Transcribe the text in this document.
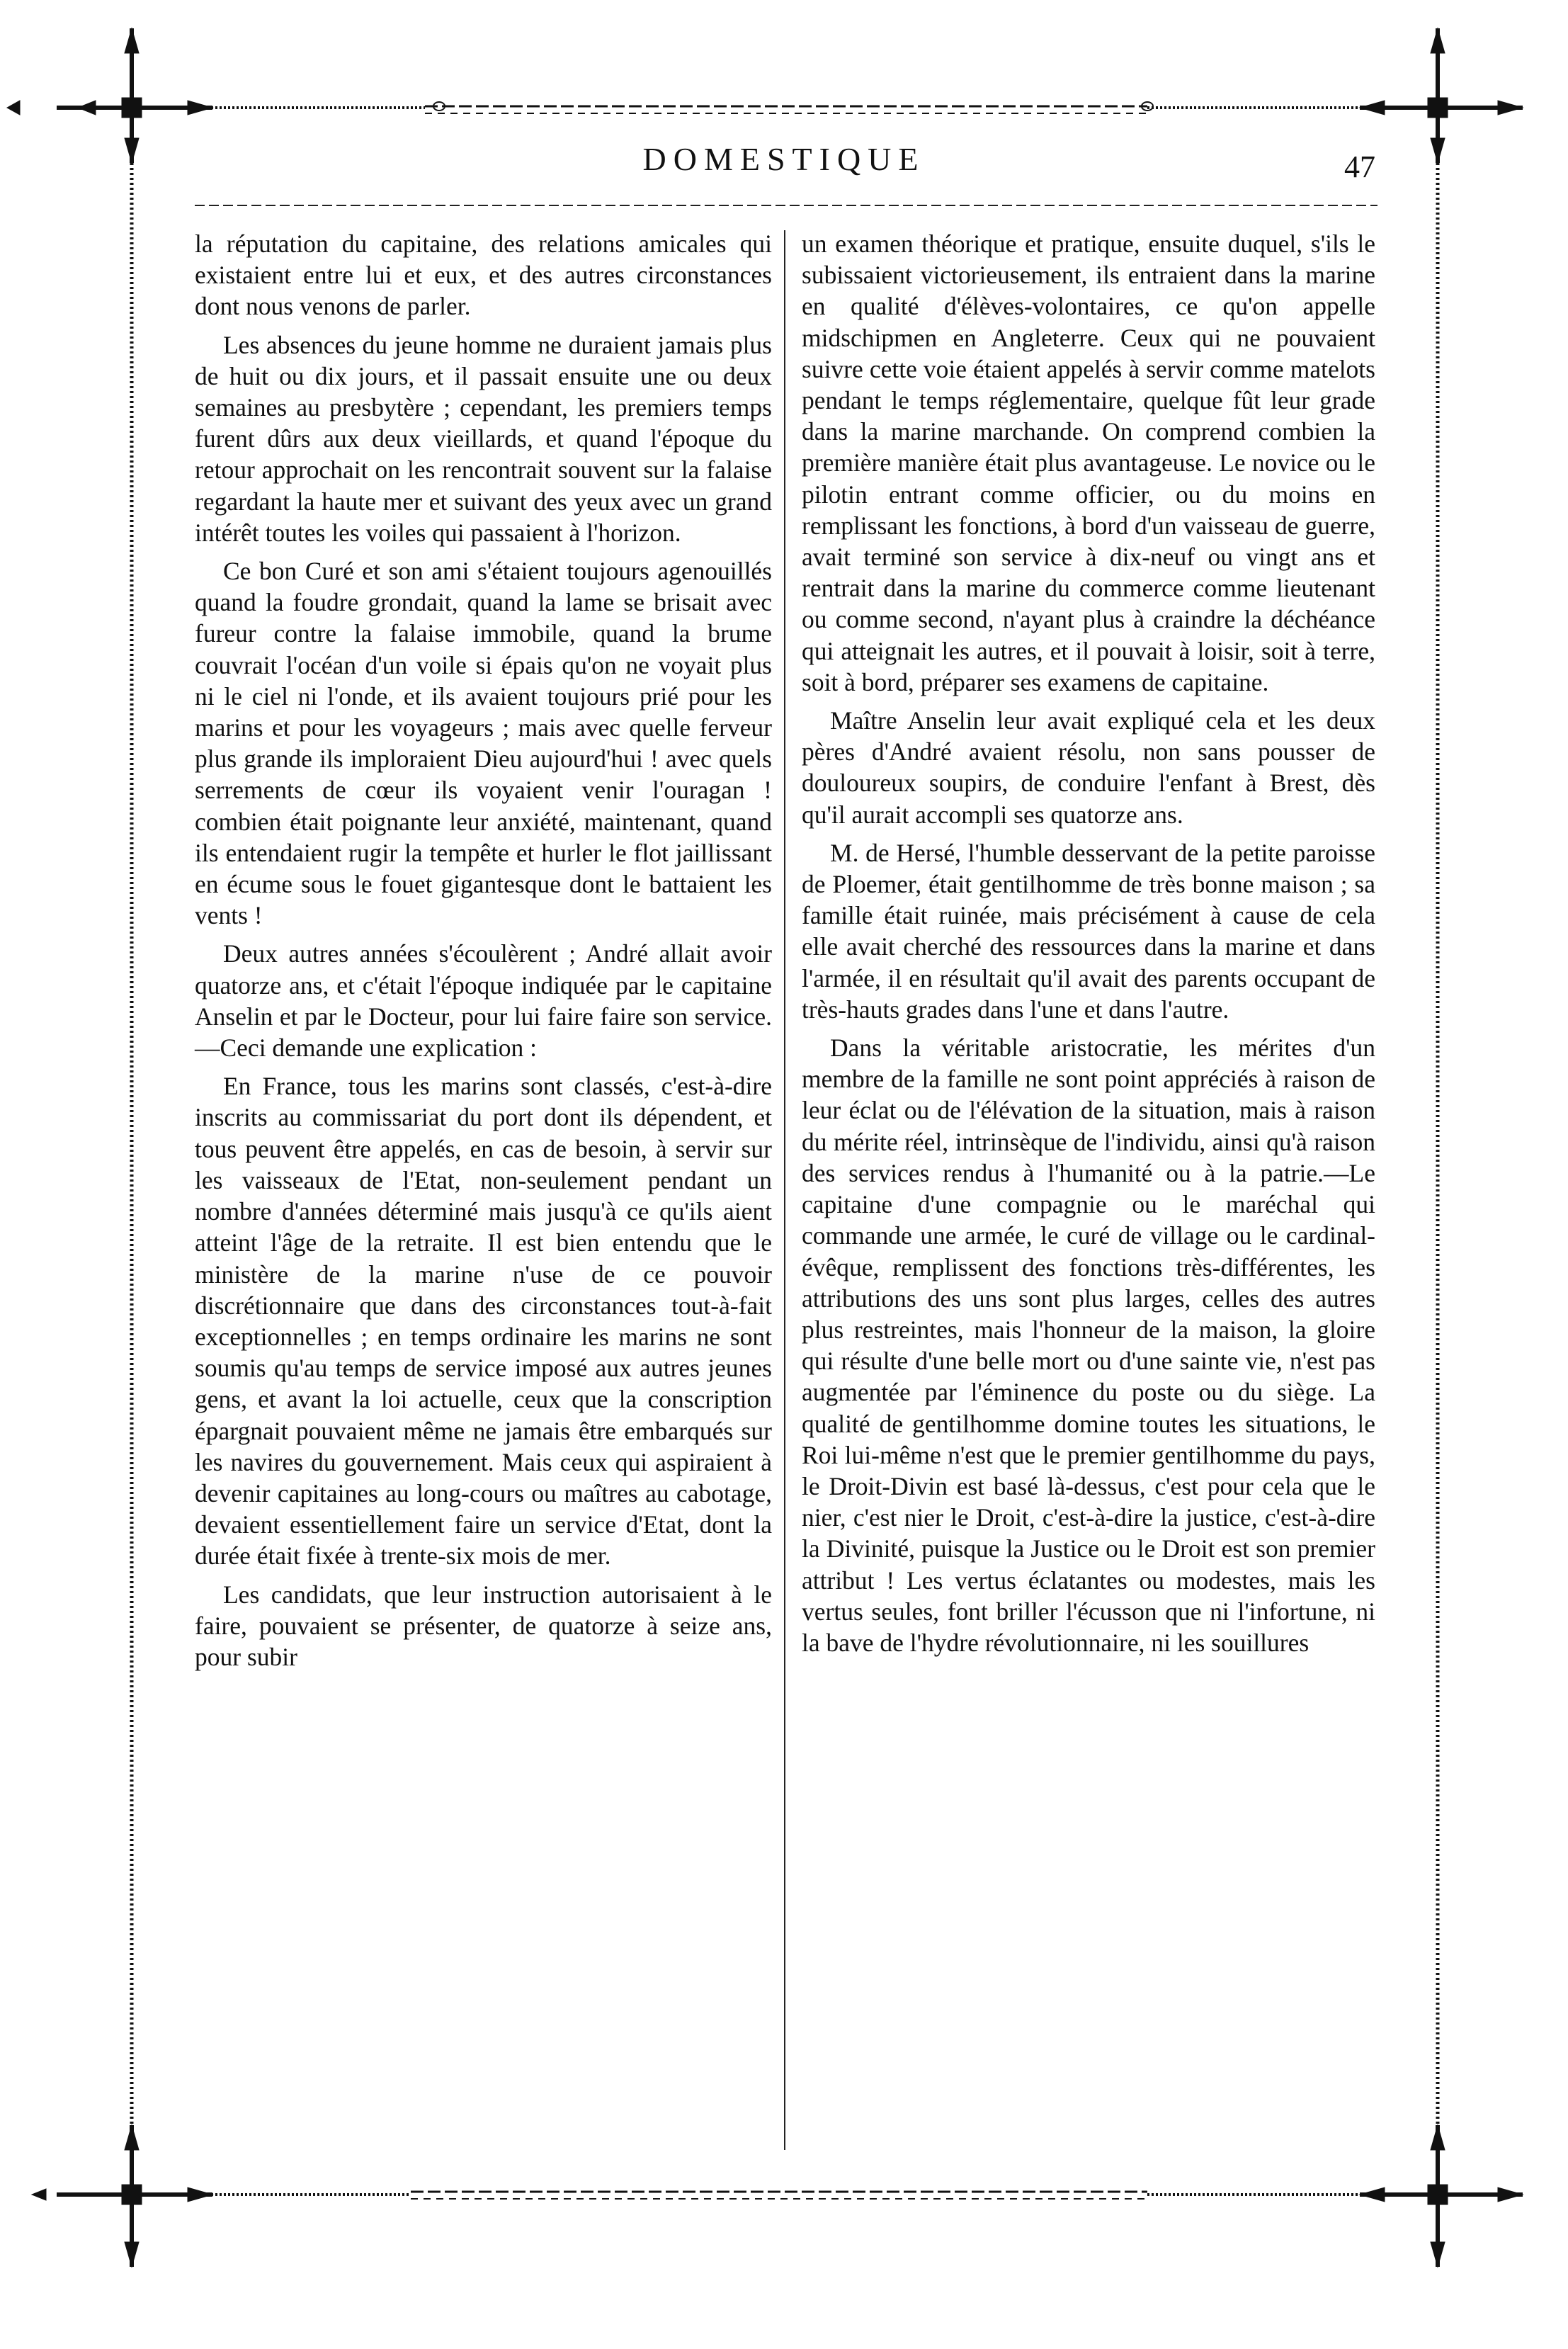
DOMESTIQUE	47

la réputation du capitaine, des relations amicales qui existaient entre lui et eux, et des autres circonstances dont nous venons de parler.

Les absences du jeune homme ne duraient jamais plus de huit ou dix jours, et il passait ensuite une ou deux semaines au presbytère ; cependant, les premiers temps furent dûrs aux deux vieillards, et quand l'époque du retour approchait on les rencontrait souvent sur la falaise regardant la haute mer et suivant des yeux avec un grand intérêt toutes les voiles qui passaient à l'horizon.

Ce bon Curé et son ami s'étaient toujours agenouillés quand la foudre grondait, quand la lame se brisait avec fureur contre la falaise immobile, quand la brume couvrait l'océan d'un voile si épais qu'on ne voyait plus ni le ciel ni l'onde, et ils avaient toujours prié pour les marins et pour les voyageurs ; mais avec quelle ferveur plus grande ils imploraient Dieu aujourd'hui ! avec quels serrements de cœur ils voyaient venir l'ouragan ! combien était poignante leur anxiété, maintenant, quand ils entendaient rugir la tempête et hurler le flot jaillissant en écume sous le fouet gigantesque dont le battaient les vents !

Deux autres années s'écoulèrent ; André allait avoir quatorze ans, et c'était l'époque indiquée par le capitaine Anselin et par le Docteur, pour lui faire faire son service. —Ceci demande une explication :

En France, tous les marins sont classés, c'est-à-dire inscrits au commissariat du port dont ils dépendent, et tous peuvent être appelés, en cas de besoin, à servir sur les vaisseaux de l'Etat, non-seulement pendant un nombre d'années déterminé mais jusqu'à ce qu'ils aient atteint l'âge de la retraite. Il est bien entendu que le ministère de la marine n'use de ce pouvoir discrétionnaire que dans des circonstances tout-à-fait exceptionnelles ; en temps ordinaire les marins ne sont soumis qu'au temps de service imposé aux autres jeunes gens, et avant la loi actuelle, ceux que la conscription épargnait pouvaient même ne jamais être embarqués sur les navires du gouvernement. Mais ceux qui aspiraient à devenir capitaines au long-cours ou maîtres au cabotage, devaient essentiellement faire un service d'Etat, dont la durée était fixée à trente-six mois de mer.

Les candidats, que leur instruction autorisaient à le faire, pouvaient se présenter, de quatorze à seize ans, pour subir

un examen théorique et pratique, ensuite duquel, s'ils le subissaient victorieusement, ils entraient dans la marine en qualité d'élèves-volontaires, ce qu'on appelle midschipmen en Angleterre. Ceux qui ne pouvaient suivre cette voie étaient appelés à servir comme matelots pendant le temps réglementaire, quelque fût leur grade dans la marine marchande. On comprend combien la première manière était plus avantageuse. Le novice ou le pilotin entrant comme officier, ou du moins en remplissant les fonctions, à bord d'un vaisseau de guerre, avait terminé son service à dix-neuf ou vingt ans et rentrait dans la marine du commerce comme lieutenant ou comme second, n'ayant plus à craindre la déchéance qui atteignait les autres, et il pouvait à loisir, soit à terre, soit à bord, préparer ses examens de capitaine.

Maître Anselin leur avait expliqué cela et les deux pères d'André avaient résolu, non sans pousser de douloureux soupirs, de conduire l'enfant à Brest, dès qu'il aurait accompli ses quatorze ans.

M. de Hersé, l'humble desservant de la petite paroisse de Ploemer, était gentilhomme de très bonne maison ; sa famille était ruinée, mais précisément à cause de cela elle avait cherché des ressources dans la marine et dans l'armée, il en résultait qu'il avait des parents occupant de très-hauts grades dans l'une et dans l'autre.

Dans la véritable aristocratie, les mérites d'un membre de la famille ne sont point appréciés à raison de leur éclat ou de l'élévation de la situation, mais à raison du mérite réel, intrinsèque de l'individu, ainsi qu'à raison des services rendus à l'humanité ou à la patrie.—Le capitaine d'une compagnie ou le maréchal qui commande une armée, le curé de village ou le cardinal-évêque, remplissent des fonctions très-différentes, les attributions des uns sont plus larges, celles des autres plus restreintes, mais l'honneur de la maison, la gloire qui résulte d'une belle mort ou d'une sainte vie, n'est pas augmentée par l'éminence du poste ou du siège. La qualité de gentilhomme domine toutes les situations, le Roi lui-même n'est que le premier gentilhomme du pays, le Droit-Divin est basé là-dessus, c'est pour cela que le nier, c'est nier le Droit, c'est-à-dire la justice, c'est-à-dire la Divinité, puisque la Justice ou le Droit est son premier attribut ! Les vertus éclatantes ou modestes, mais les vertus seules, font briller l'écusson que ni l'infortune, ni la bave de l'hydre révolutionnaire, ni les souillures
